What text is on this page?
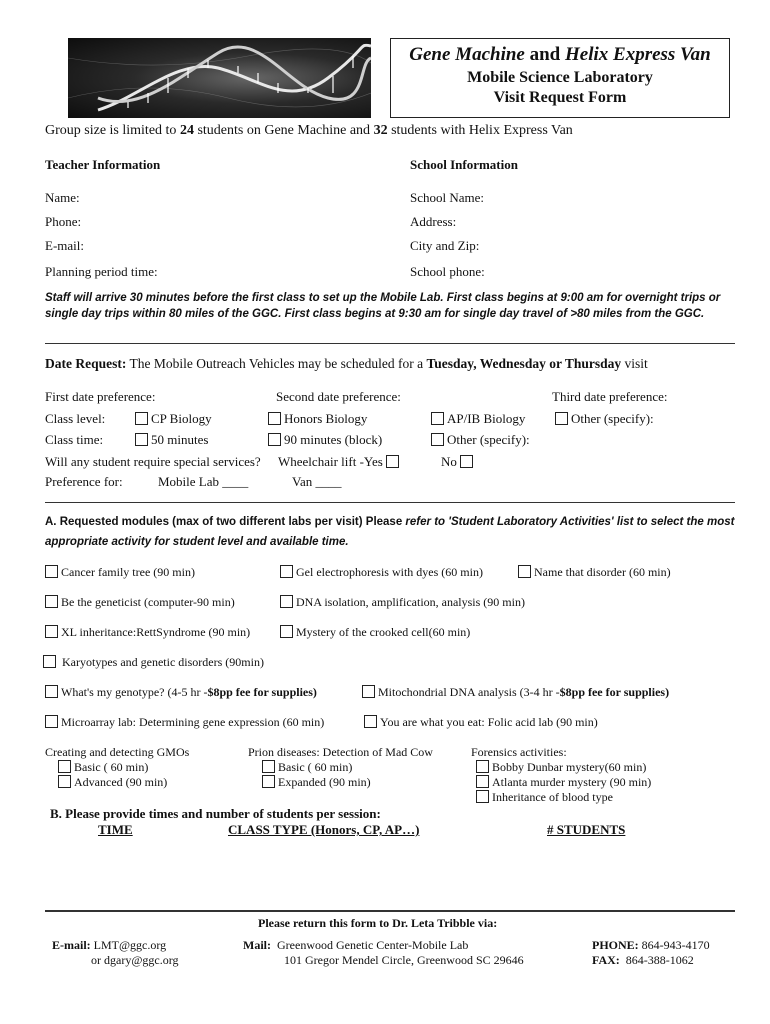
Gene Machine and Helix Express Van
Mobile Science Laboratory
Visit Request Form
Group size is limited to 24 students on Gene Machine and 32 students with Helix Express Van
Teacher Information
Name:
Phone:
E-mail:
Planning period time:
School Information
School Name:
Address:
City and Zip:
School phone:
Staff will arrive 30 minutes before the first class to set up the Mobile Lab. First class begins at 9:00 am for overnight trips or single day trips within 80 miles of the GGC. First class begins at 9:30 am for single day travel of >80 miles from the GGC.
Date Request: The Mobile Outreach Vehicles may be scheduled for a Tuesday, Wednesday or Thursday visit
First date preference:	Second date preference:	Third date preference:
Class level:	CP Biology	Honors Biology	AP/IB Biology	Other (specify):
Class time:	50 minutes	90 minutes (block)	Other (specify):
Will any student require special services? Wheelchair lift -Yes	No
Preference for:	Mobile Lab ____	Van ____
A. Requested modules (max of two different labs per visit) Please refer to 'Student Laboratory Activities' list to select the most appropriate activity for student level and available time.
Cancer family tree (90 min)	Gel electrophoresis with dyes (60 min)	Name that disorder (60 min)
Be the geneticist (computer-90 min)	DNA isolation, amplification, analysis (90 min)
XL inheritance:RettSyndrome (90 min)	Mystery of the crooked cell(60 min)
Karyotypes and genetic disorders (90min)
What's my genotype? (4-5 hr -$8pp fee for supplies)	Mitochondrial DNA analysis (3-4 hr -$8pp fee for supplies)
Microarray lab: Determining gene expression (60 min)	You are what you eat: Folic acid lab (90 min)
Creating and detecting GMOs
Basic ( 60 min)
Advanced (90 min)
Prion diseases: Detection of Mad Cow
Basic ( 60 min)
Expanded (90 min)
Forensics activities:
Bobby Dunbar mystery(60 min)
Atlanta murder mystery (90 min)
Inheritance of blood type
B. Please provide times and number of students per session:
TIME	CLASS TYPE (Honors, CP, AP…)	# STUDENTS
Please return this form to Dr. Leta Tribble via:
E-mail: LMT@ggc.org
or dgary@ggc.org
Mail: Greenwood Genetic Center-Mobile Lab
101 Gregor Mendel Circle, Greenwood SC 29646
PHONE: 864-943-4170
FAX: 864-388-1062
